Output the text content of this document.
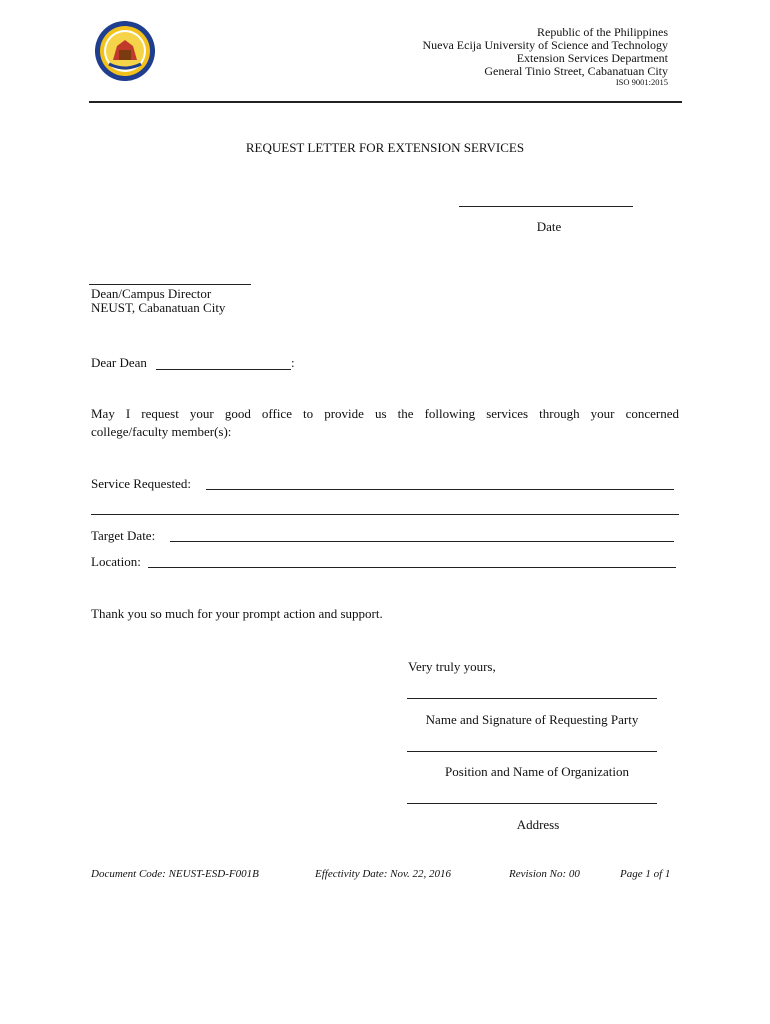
Republic of the Philippines
Nueva Ecija University of Science and Technology
Extension Services Department
General Tinio Street, Cabanatuan City
ISO 9001:2015
REQUEST LETTER FOR EXTENSION SERVICES
Date
Dean/Campus Director
NEUST, Cabanatuan City
Dear Dean	:
May I request your good office to provide us the following services through your concerned
college/faculty member(s):
Service Requested:
Target Date:
Location:
Thank you so much for your prompt action and support.
Very truly yours,
Name and Signature of Requesting Party
Position and Name of Organization
Address
Document Code: NEUST-ESD-F001B	Effectivity Date: Nov. 22, 2016	Revision No: 00	Page 1 of 1
